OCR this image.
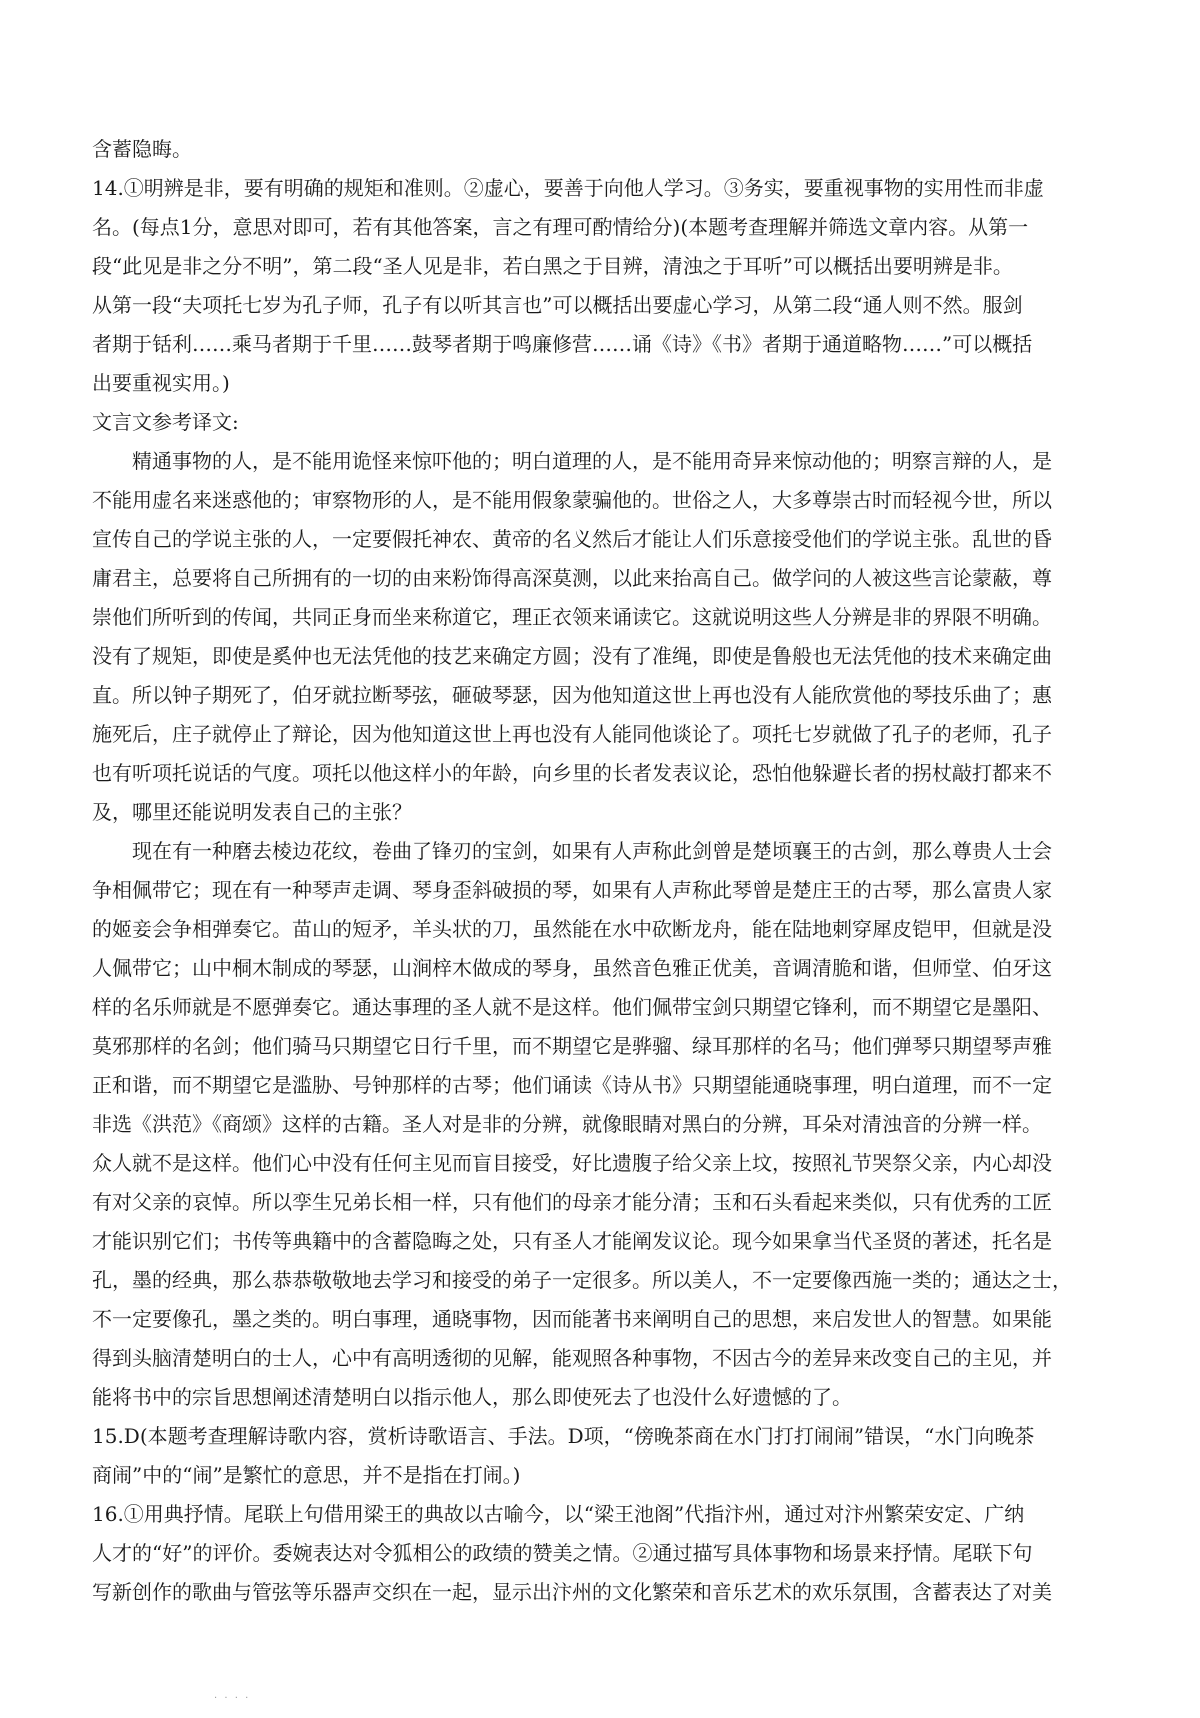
含蓄隐晦。
14.①明辨是非，要有明确的规矩和准则。②虚心，要善于向他人学习。③务实，要重视事物的实用性而非虚
名。(每点1分，意思对即可，若有其他答案，言之有理可酌情给分)(本题考查理解并筛选文章内容。从第一
段“此见是非之分不明”，第二段“圣人见是非，若白黑之于目辨，清浊之于耳听”可以概括出要明辨是非。
从第一段“夫项托七岁为孔子师，孔子有以听其言也”可以概括出要虚心学习，从第二段“通人则不然。服剑
者期于铦利……乘马者期于千里……鼓琴者期于鸣廉修营……诵《诗》《书》者期于通道略物……”可以概括
出要重视实用。)
文言文参考译文:
精通事物的人，是不能用诡怪来惊吓他的；明白道理的人，是不能用奇异来惊动他的；明察言辩的人，是
不能用虚名来迷惑他的；审察物形的人，是不能用假象蒙骗他的。世俗之人，大多尊崇古时而轻视今世，所以
宣传自己的学说主张的人，一定要假托神农、黄帝的名义然后才能让人们乐意接受他们的学说主张。乱世的昏
庸君主，总要将自己所拥有的一切的由来粉饰得高深莫测，以此来抬高自己。做学问的人被这些言论蒙蔽，尊
崇他们所听到的传闻，共同正身而坐来称道它，理正衣领来诵读它。这就说明这些人分辨是非的界限不明确。
没有了规矩，即使是奚仲也无法凭他的技艺来确定方圆；没有了准绳，即使是鲁般也无法凭他的技术来确定曲
直。所以钟子期死了，伯牙就拉断琴弦，砸破琴瑟，因为他知道这世上再也没有人能欣赏他的琴技乐曲了；惠
施死后，庄子就停止了辩论，因为他知道这世上再也没有人能同他谈论了。项托七岁就做了孔子的老师，孔子
也有听项托说话的气度。项托以他这样小的年龄，向乡里的长者发表议论，恐怕他躲避长者的拐杖敲打都来不
及，哪里还能说明发表自己的主张？
现在有一种磨去棱边花纹，卷曲了锋刃的宝剑，如果有人声称此剑曾是楚顷襄王的古剑，那么尊贵人士会
争相佩带它；现在有一种琴声走调、琴身歪斜破损的琴，如果有人声称此琴曾是楚庄王的古琴，那么富贵人家
的姬妾会争相弹奏它。苗山的短矛，羊头状的刀，虽然能在水中砍断龙舟，能在陆地刺穿犀皮铠甲，但就是没
人佩带它；山中桐木制成的琴瑟，山涧梓木做成的琴身，虽然音色雅正优美，音调清脆和谐，但师堂、伯牙这
样的名乐师就是不愿弹奏它。通达事理的圣人就不是这样。他们佩带宝剑只期望它锋利，而不期望它是墨阳、
莫邪那样的名剑；他们骑马只期望它日行千里，而不期望它是骅骝、绿耳那样的名马；他们弹琴只期望琴声雅
正和谐，而不期望它是滥胁、号钟那样的古琴；他们诵读《诗从书》只期望能通晓事理，明白道理，而不一定
非选《洪范》《商颂》这样的古籍。圣人对是非的分辨，就像眼睛对黑白的分辨，耳朵对清浊音的分辨一样。
众人就不是这样。他们心中没有任何主见而盲目接受，好比遗腹子给父亲上坟，按照礼节哭祭父亲，内心却没
有对父亲的哀悼。所以孪生兄弟长相一样，只有他们的母亲才能分清；玉和石头看起来类似，只有优秀的工匠
才能识别它们；书传等典籍中的含蓄隐晦之处，只有圣人才能阐发议论。现今如果拿当代圣贤的著述，托名是
孔，墨的经典，那么恭恭敬敬地去学习和接受的弟子一定很多。所以美人，不一定要像西施一类的；通达之士，
不一定要像孔，墨之类的。明白事理，通晓事物，因而能著书来阐明自己的思想，来启发世人的智慧。如果能
得到头脑清楚明白的士人，心中有高明透彻的见解，能观照各种事物，不因古今的差异来改变自己的主见，并
能将书中的宗旨思想阐述清楚明白以指示他人，那么即使死去了也没什么好遗憾的了。
15.D(本题考查理解诗歌内容，赏析诗歌语言、手法。D项，“傍晚茶商在水门打打闹闹”错误，“水门向晚茶
商闹”中的“闹”是繁忙的意思，并不是指在打闹。)
16.①用典抒情。尾联上句借用梁王的典故以古喻今，以“梁王池阁”代指汴州，通过对汴州繁荣安定、广纳
人才的“好”的评价。委婉表达对令狐相公的政绩的赞美之情。②通过描写具体事物和场景来抒情。尾联下句
写新创作的歌曲与管弦等乐器声交织在一起，显示出汴州的文化繁荣和音乐艺术的欢乐氛围，含蓄表达了对美
· · · ·
